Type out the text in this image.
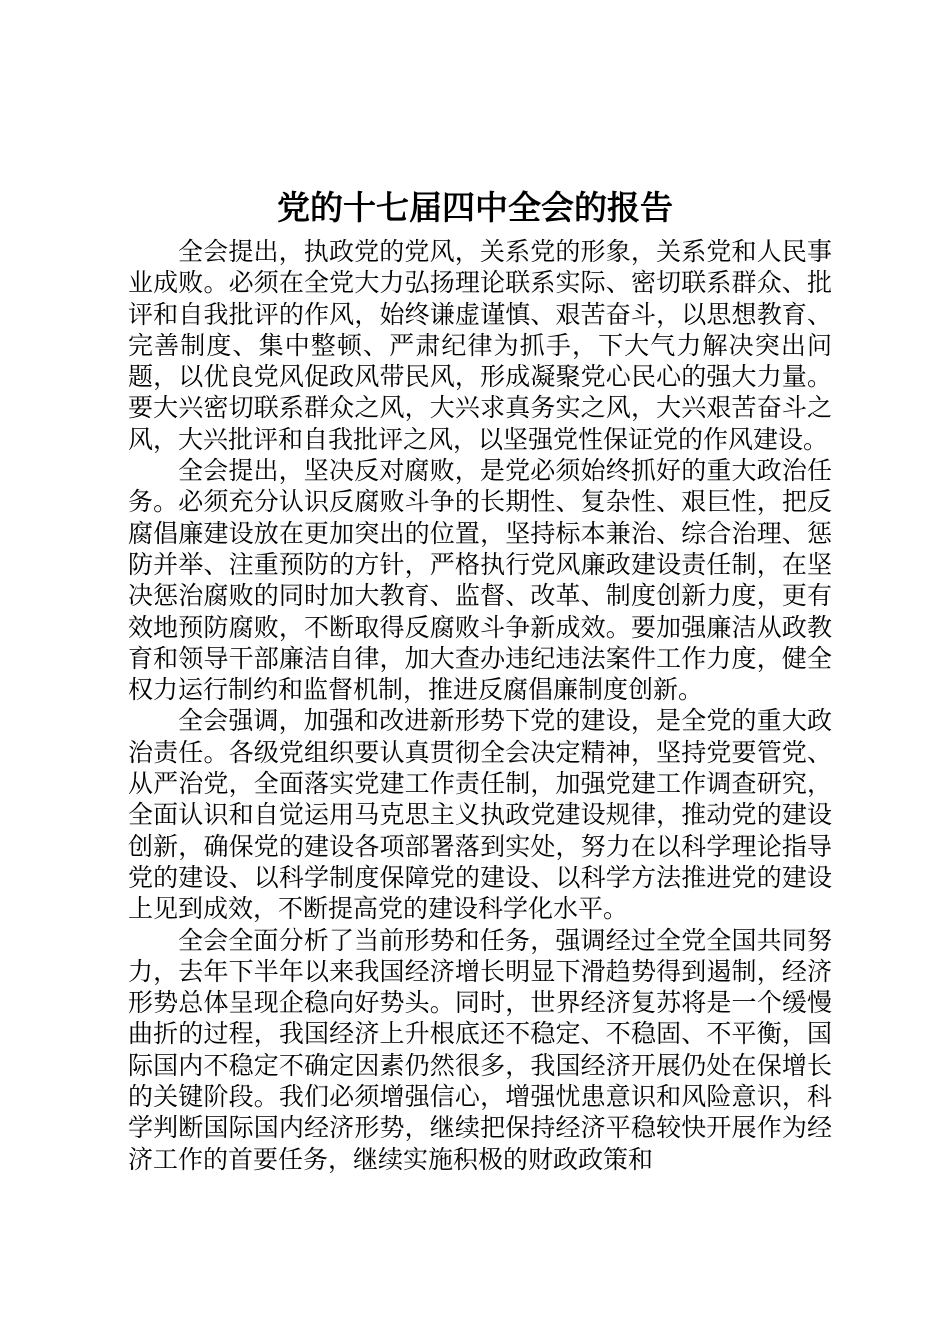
党的十七届四中全会的报告

全会提出，执政党的党风，关系党的形象，关系党和人民事业成败。必须在全党大力弘扬理论联系实际、密切联系群众、批评和自我批评的作风，始终谦虚谨慎、艰苦奋斗，以思想教育、完善制度、集中整顿、严肃纪律为抓手，下大气力解决突出问题，以优良党风促政风带民风，形成凝聚党心民心的强大力量。要大兴密切联系群众之风，大兴求真务实之风，大兴艰苦奋斗之风，大兴批评和自我批评之风，以坚强党性保证党的作风建设。

全会提出，坚决反对腐败，是党必须始终抓好的重大政治任务。必须充分认识反腐败斗争的长期性、复杂性、艰巨性，把反腐倡廉建设放在更加突出的位置，坚持标本兼治、综合治理、惩防并举、注重预防的方针，严格执行党风廉政建设责任制，在坚决惩治腐败的同时加大教育、监督、改革、制度创新力度，更有效地预防腐败，不断取得反腐败斗争新成效。要加强廉洁从政教育和领导干部廉洁自律，加大查办违纪违法案件工作力度，健全权力运行制约和监督机制，推进反腐倡廉制度创新。

全会强调，加强和改进新形势下党的建设，是全党的重大政治责任。各级党组织要认真贯彻全会决定精神，坚持党要管党、从严治党，全面落实党建工作责任制，加强党建工作调查研究，全面认识和自觉运用马克思主义执政党建设规律，推动党的建设创新，确保党的建设各项部署落到实处，努力在以科学理论指导党的建设、以科学制度保障党的建设、以科学方法推进党的建设上见到成效，不断提高党的建设科学化水平。

全会全面分析了当前形势和任务，强调经过全党全国共同努力，去年下半年以来我国经济增长明显下滑趋势得到遏制，经济形势总体呈现企稳向好势头。同时，世界经济复苏将是一个缓慢曲折的过程，我国经济上升根底还不稳定、不稳固、不平衡，国际国内不稳定不确定因素仍然很多，我国经济开展仍处在保增长的关键阶段。我们必须增强信心，增强忧患意识和风险意识，科学判断国际国内经济形势，继续把保持经济平稳较快开展作为经济工作的首要任务，继续实施积极的财政政策和
